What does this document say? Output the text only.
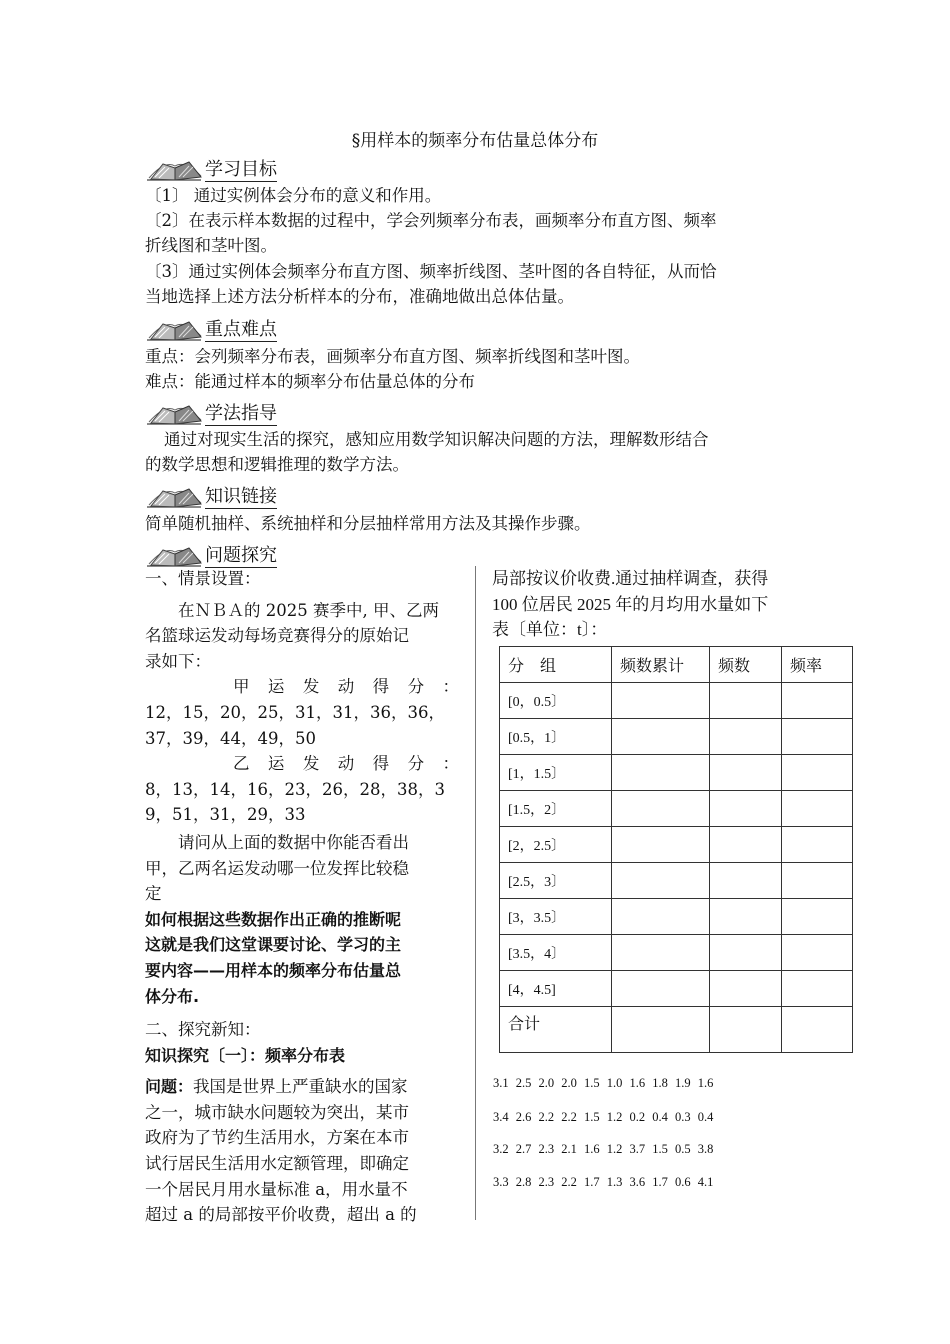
§用样本的频率分布估量总体分布
学习目标
〔1〕 通过实例体会分布的意义和作用。
〔2〕在表示样本数据的过程中，学会列频率分布表，画频率分布直方图、频率
折线图和茎叶图。
〔3〕通过实例体会频率分布直方图、频率折线图、茎叶图的各自特征，从而恰
当地选择上述方法分析样本的分布，准确地做出总体估量。
重点难点
重点：会列频率分布表，画频率分布直方图、频率折线图和茎叶图。
难点：能通过样本的频率分布估量总体的分布
学法指导
通过对现实生活的探究，感知应用数学知识解决问题的方法，理解数形结合
的数学思想和逻辑推理的数学方法。
知识链接
简单随机抽样、系统抽样和分层抽样常用方法及其操作步骤。
问题探究
一、情景设置：
在ＮＢＡ的 2025 赛季中, 甲、乙两
名篮球运发动每场竞赛得分的原始记
录如下：
甲运发动得分：
12，15，20，25，31，31，36，36，
37，39，44，49，50
乙运发动得分：
8，13，14，16，23，26，28，38，3
9，51，31，29，33
请问从上面的数据中你能否看出
甲，乙两名运发动哪一位发挥比较稳
定
如何根据这些数据作出正确的推断呢
这就是我们这堂课要讨论、学习的主
要内容——用样本的频率分布估量总
体分布.
二、探究新知：
知识探究〔一〕：频率分布表
问题：我国是世界上严重缺水的国家
之一，城市缺水问题较为突出，某市
政府为了节约生活用水，方案在本市
试行居民生活用水定额管理，即确定
一个居民月用水量标准 a，用水量不
超过 a 的局部按平价收费，超出 a 的
局部按议价收费.通过抽样调查，获得
100 位居民 2025 年的月均用水量如下
表〔单位：t〕：
分　组	频数累计	频数	频率
[0，0.5〕			
[0.5，1〕			
[1，1.5〕			
[1.5，2〕			
[2，2.5〕			
[2.5，3〕			
[3，3.5〕			
[3.5，4〕			
[4，4.5]			
合计			
3.1 2.5 2.0 2.0 1.5 1.0 1.6 1.8 1.9 1.6
3.4 2.6 2.2 2.2 1.5 1.2 0.2 0.4 0.3 0.4
3.2 2.7 2.3 2.1 1.6 1.2 3.7 1.5 0.5 3.8
3.3 2.8 2.3 2.2 1.7 1.3 3.6 1.7 0.6 4.1
